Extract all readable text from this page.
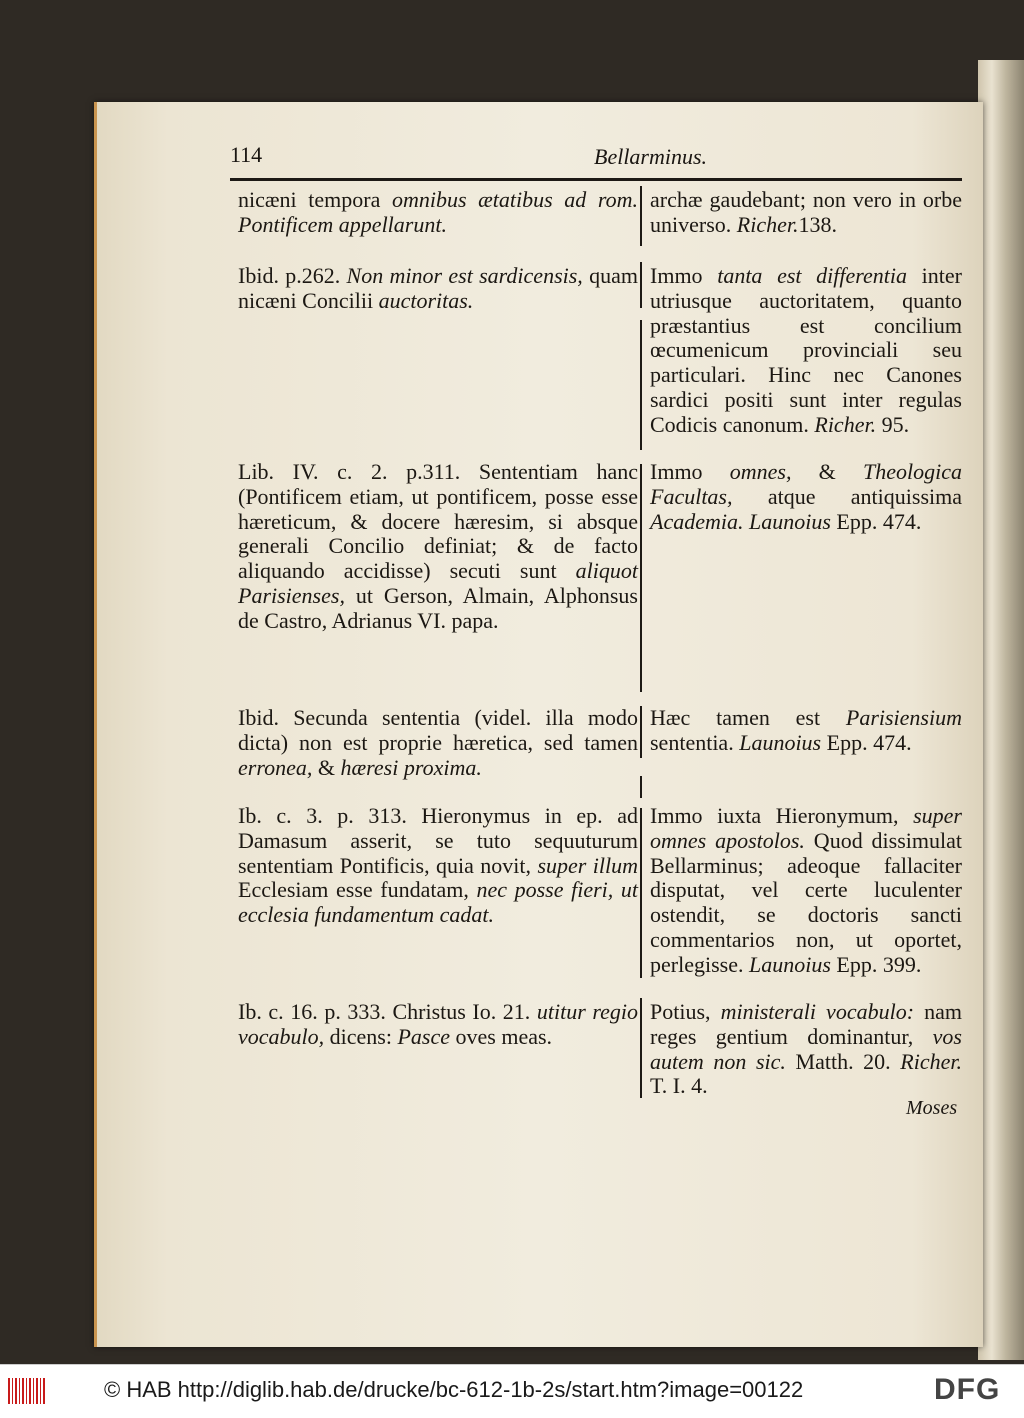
114	Bellarminus.
nicæni tempora omnibus ætatibus ad rom. Pontificem appellarunt.
archæ gaudebant; non vero in orbe universo. Richer.138.
Ibid. p.262. Non minor est sardicensis, quam nicæni Concilii auctoritas.
Immo tanta est differentia inter utriusque auctoritatem, quanto præstantius est concilium œcumenicum provinciali seu particulari. Hinc nec Canones sardici positi sunt inter regulas Codicis canonum. Richer. 95.
Lib. IV. c. 2. p.311. Sententiam hanc (Pontificem etiam, ut pontificem, posse esse hæreticum, & docere hæresim, si absque generali Concilio definiat; & de facto aliquando accidisse) secuti sunt aliquot Parisienses, ut Gerson, Almain, Alphonsus de Castro, Adrianus VI. papa.
Immo omnes, & Theologica Facultas, atque antiquissima Academia. Launoius Epp. 474.
Ibid. Secunda sententia (videl. illa modo dicta) non est proprie hæretica, sed tamen erronea, & hæresi proxima.
Hæc tamen est Parisiensium sententia. Launoius Epp. 474.
Ib. c. 3. p. 313. Hieronymus in ep. ad Damasum asserit, se tuto sequuturum sententiam Pontificis, quia novit, super illum Ecclesiam esse fundatam, nec posse fieri, ut ecclesia fundamentum cadat.
Immo iuxta Hieronymum, super omnes apostolos. Quod dissimulat Bellarminus; adeoque fallaciter disputat, vel certe luculenter ostendit, se doctoris sancti commentarios non, ut oportet, perlegisse. Launoius Epp. 399.
Ib. c. 16. p. 333. Christus Io. 21. utitur regio vocabulo, dicens: Pasce oves meas.
Potius, ministerali vocabulo: nam reges gentium dominantur, vos autem non sic. Matth. 20. Richer. T. I. 4.
Moses
© HAB http://diglib.hab.de/drucke/bc-612-1b-2s/start.htm?image=00122	DFG
